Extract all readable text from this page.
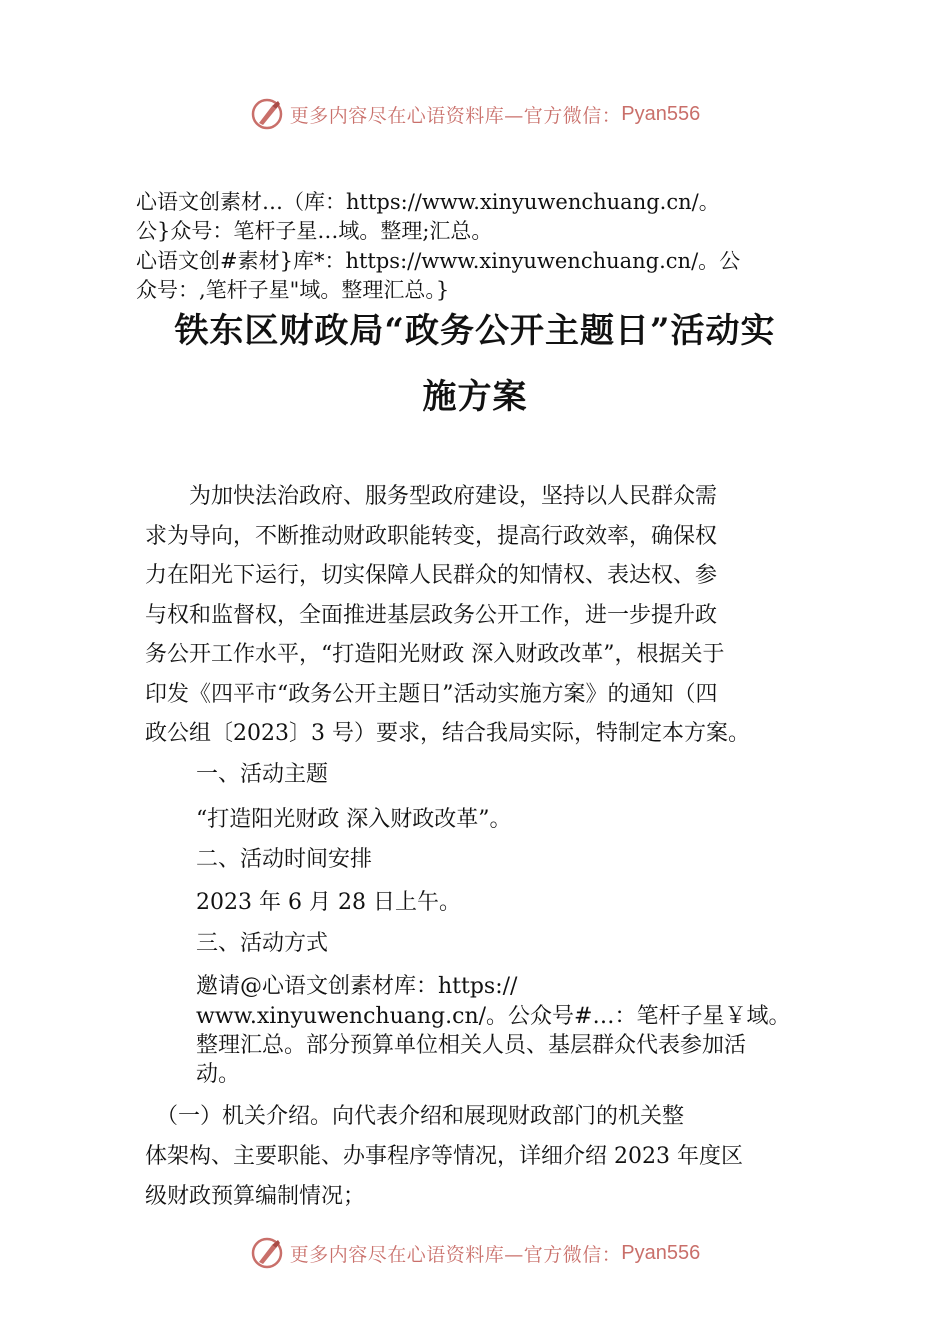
更多内容尽在心语资料库—官方微信： Pyan556
心语文创素材…（库：https://www.xinyuwenchuang.cn/。
公}众号：笔杆子星…域。整理;汇总。
心语文创#素材}库*：https://www.xinyuwenchuang.cn/。公
众号：,笔杆子星"域。整理汇总。}
铁东区财政局“政务公开主题日”活动实
施方案
　　为加快法治政府、服务型政府建设，坚持以人民群众需
求为导向，不断推动财政职能转变，提高行政效率，确保权
力在阳光下运行，切实保障人民群众的知情权、表达权、参
与权和监督权，全面推进基层政务公开工作，进一步提升政
务公开工作水平，“打造阳光财政 深入财政改革”，根据关于
印发《四平市“政务公开主题日”活动实施方案》的通知（四
政公组〔2023〕3 号）要求，结合我局实际，特制定本方案。
一、活动主题
“打造阳光财政 深入财政改革”。
二、活动时间安排
2023 年 6 月 28 日上午。
三、活动方式
邀请@心语文创素材库：https://
www.xinyuwenchuang.cn/。公众号#…：笔杆子星￥域。
整理汇总。部分预算单位相关人员、基层群众代表参加活
动。
　（一）机关介绍。向代表介绍和展现财政部门的机关整
体架构、主要职能、办事程序等情况，详细介绍 2023 年度区
级财政预算编制情况；
更多内容尽在心语资料库—官方微信： Pyan556
